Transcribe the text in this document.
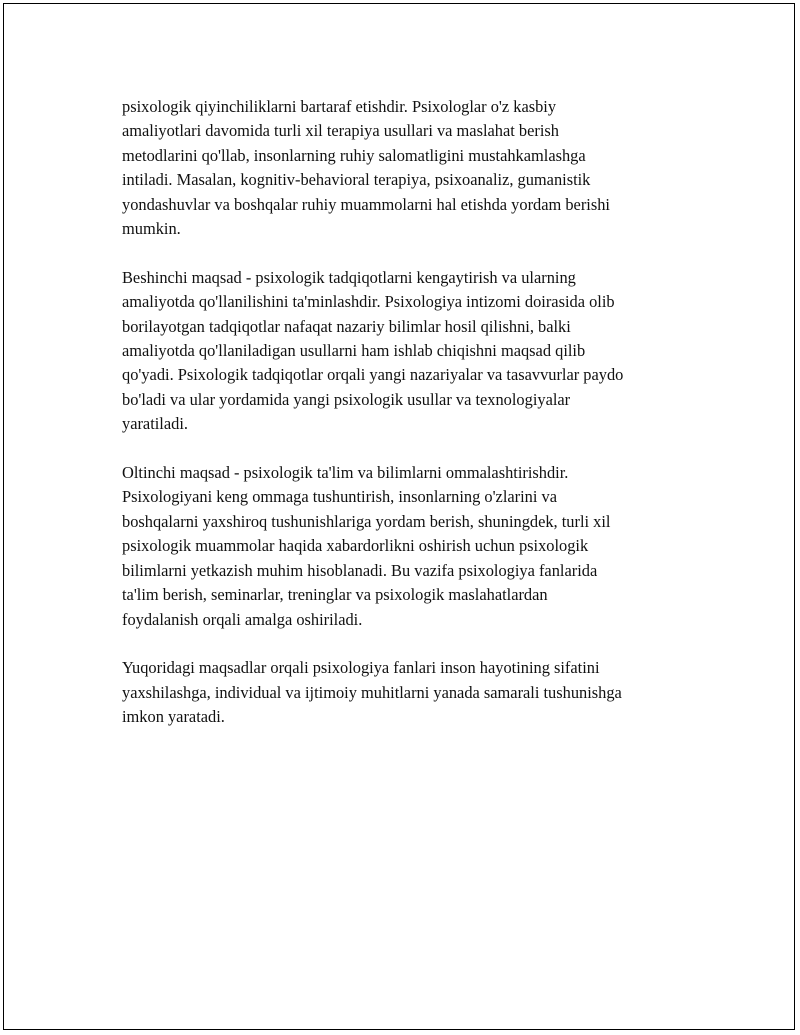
psixologik qiyinchiliklarni bartaraf etishdir. Psixologlar o'z kasbiy
amaliyotlari davomida turli xil terapiya usullari va maslahat berish
metodlarini qo'llab, insonlarning ruhiy salomatligini mustahkamlashga
intiladi. Masalan, kognitiv-behavioral terapiya, psixoanaliz, gumanistik
yondashuvlar va boshqalar ruhiy muammolarni hal etishda yordam berishi
mumkin.

Beshinchi maqsad - psixologik tadqiqotlarni kengaytirish va ularning
amaliyotda qo'llanilishini ta'minlashdir. Psixologiya intizomi doirasida olib
borilayotgan tadqiqotlar nafaqat nazariy bilimlar hosil qilishni, balki
amaliyotda qo'llaniladigan usullarni ham ishlab chiqishni maqsad qilib
qo'yadi. Psixologik tadqiqotlar orqali yangi nazariyalar va tasavvurlar paydo
bo'ladi va ular yordamida yangi psixologik usullar va texnologiyalar
yaratiladi.

Oltinchi maqsad - psixologik ta'lim va bilimlarni ommalashtirishdir.
Psixologiyani keng ommaga tushuntirish, insonlarning o'zlarini va
boshqalarni yaxshiroq tushunishlariga yordam berish, shuningdek, turli xil
psixologik muammolar haqida xabardorlikni oshirish uchun psixologik
bilimlarni yetkazish muhim hisoblanadi. Bu vazifa psixologiya fanlarida
ta'lim berish, seminarlar, treninglar va psixologik maslahatlardan
foydalanish orqali amalga oshiriladi.

Yuqoridagi maqsadlar orqali psixologiya fanlari inson hayotining sifatini
yaxshilashga, individual va ijtimoiy muhitlarni yanada samarali tushunishga
imkon yaratadi.
